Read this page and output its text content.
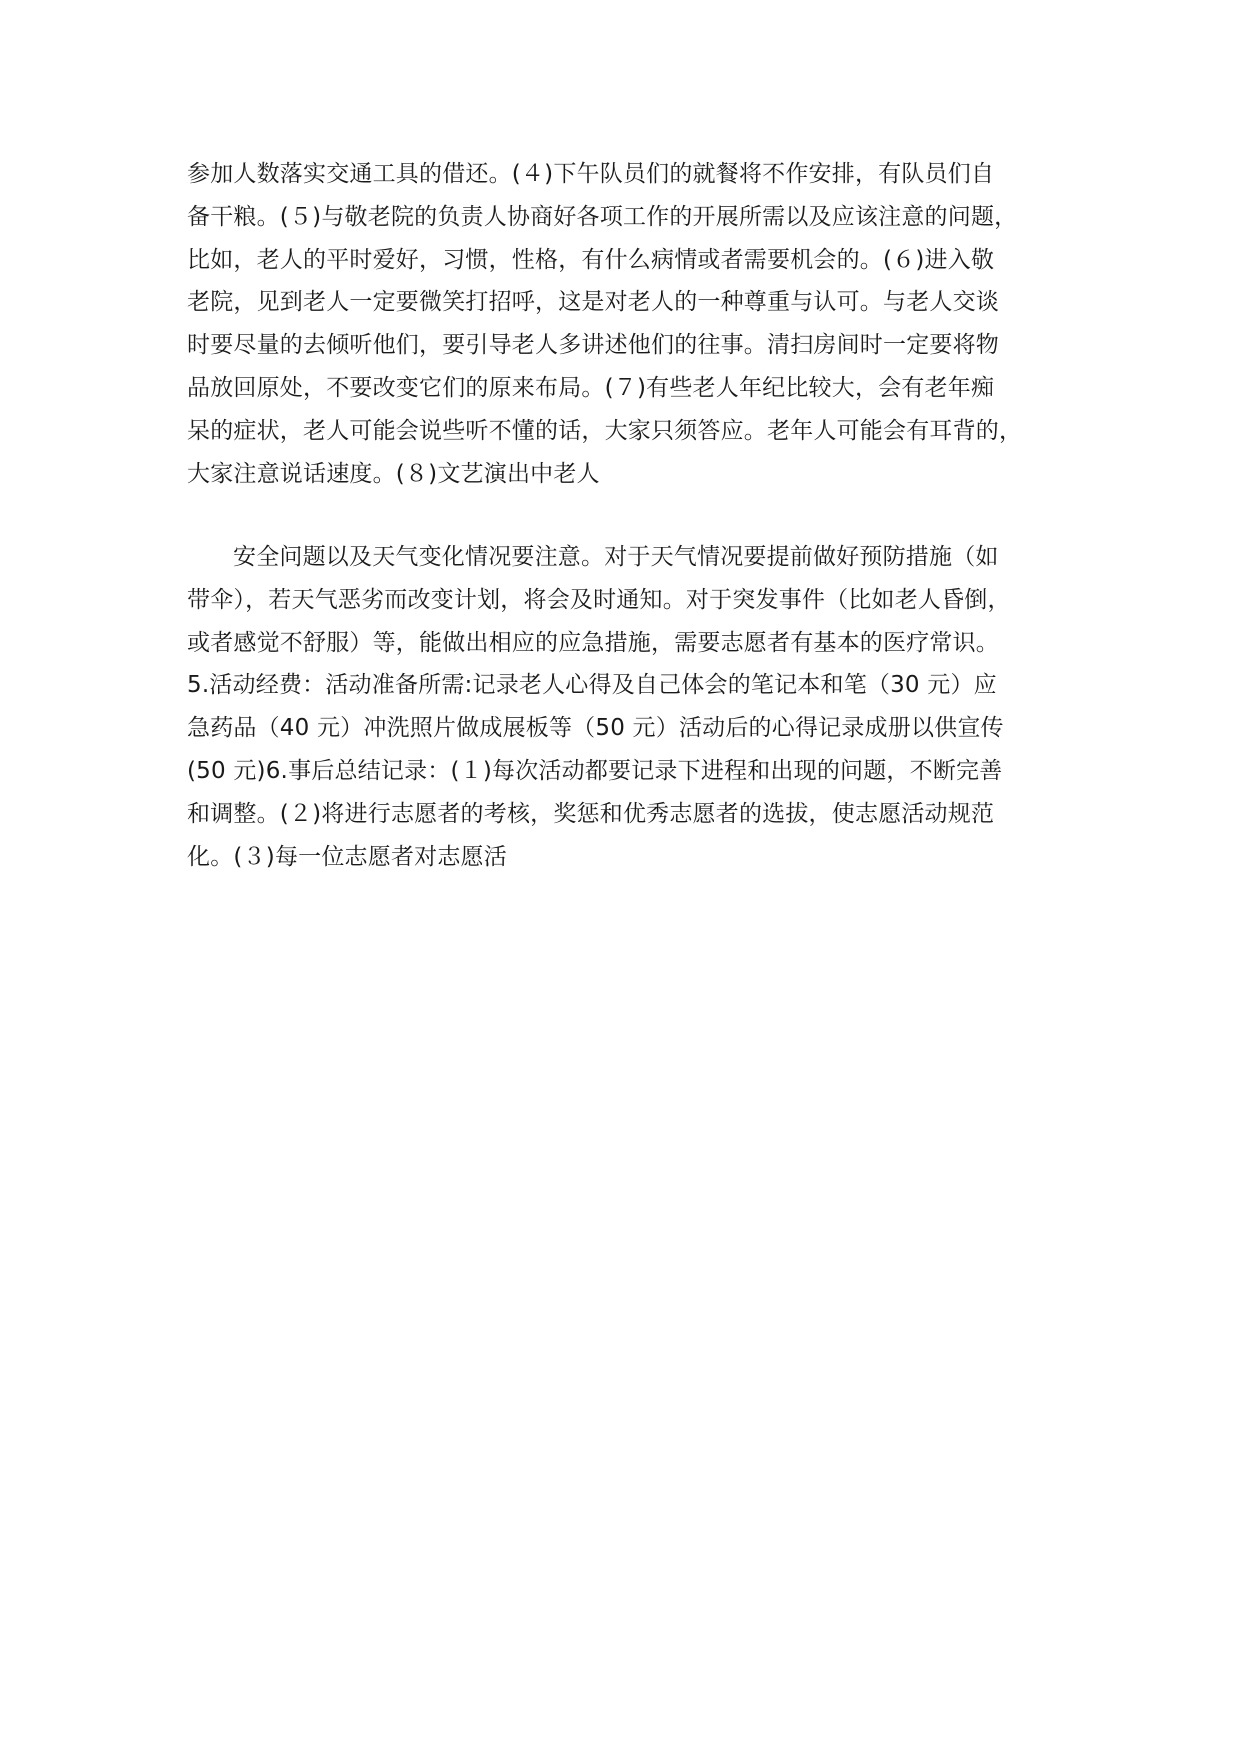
参加人数落实交通工具的借还。(４)下午队员们的就餐将不作安排，有队员们自
备干粮。(５)与敬老院的负责人协商好各项工作的开展所需以及应该注意的问题，
比如，老人的平时爱好，习惯，性格，有什么病情或者需要机会的。(６)进入敬
老院，见到老人一定要微笑打招呼，这是对老人的一种尊重与认可。与老人交谈
时要尽量的去倾听他们，要引导老人多讲述他们的往事。清扫房间时一定要将物
品放回原处，不要改变它们的原来布局。(７)有些老人年纪比较大，会有老年痴
呆的症状，老人可能会说些听不懂的话，大家只须答应。老年人可能会有耳背的，
大家注意说话速度。(８)文艺演出中老人

安全问题以及天气变化情况要注意。对于天气情况要提前做好预防措施（如
带伞），若天气恶劣而改变计划，将会及时通知。对于突发事件（比如老人昏倒，
或者感觉不舒服）等，能做出相应的应急措施，需要志愿者有基本的医疗常识。
5.活动经费：活动准备所需:记录老人心得及自己体会的笔记本和笔（30 元）应
急药品（40 元）冲洗照片做成展板等（50 元）活动后的心得记录成册以供宣传
(50 元)6.事后总结记录：(１)每次活动都要记录下进程和出现的问题，不断完善
和调整。(２)将进行志愿者的考核，奖惩和优秀志愿者的选拔，使志愿活动规范
化。(３)每一位志愿者对志愿活
